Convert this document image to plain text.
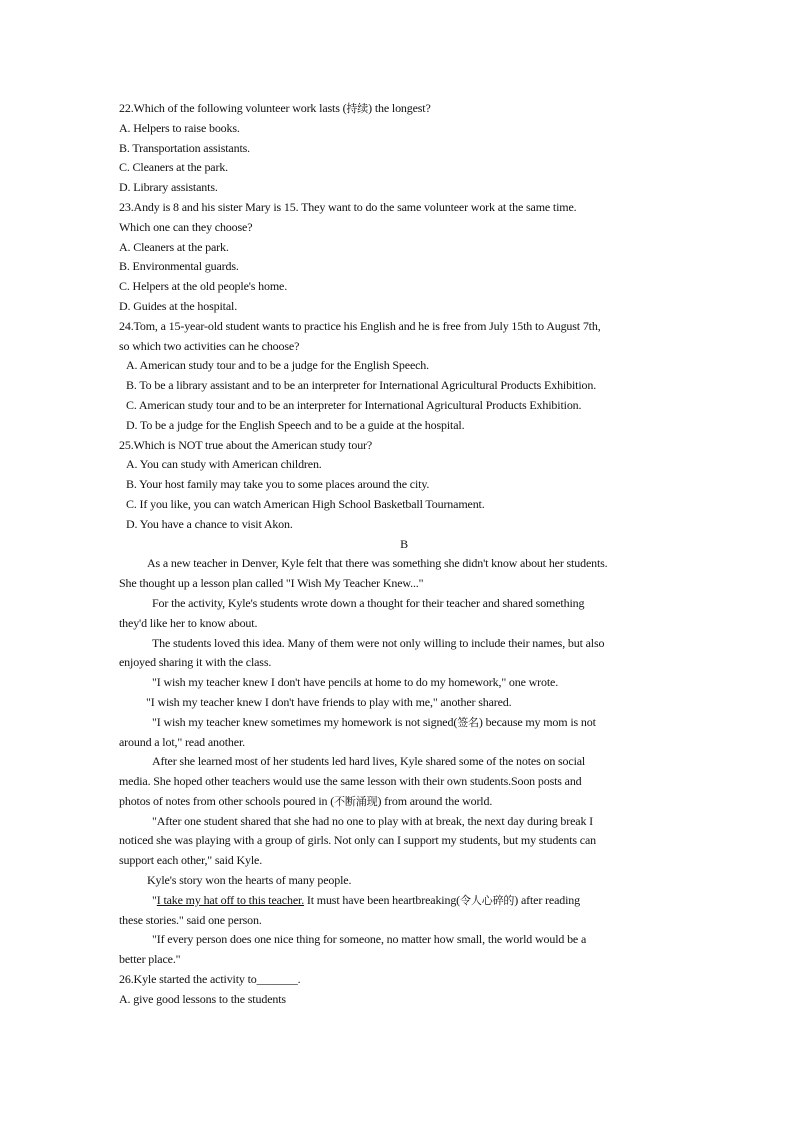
22.Which of the following volunteer work lasts (持续) the longest?
A. Helpers to raise books.
B. Transportation assistants.
C. Cleaners at the park.
D. Library assistants.
23.Andy is 8 and his sister Mary is 15. They want to do the same volunteer work at the same time.
Which one can they choose?
A. Cleaners at the park.
B. Environmental guards.
C. Helpers at the old people's home.
D. Guides at the hospital.
24.Tom, a 15-year-old student wants to practice his English and he is free from July 15th to August 7th,
so which two activities can he choose?
A. American study tour and to be a judge for the English Speech.
B. To be a library assistant and to be an interpreter for International Agricultural Products Exhibition.
C. American study tour and to be an interpreter for International Agricultural Products Exhibition.
D. To be a judge for the English Speech and to be a guide at the hospital.
25.Which is NOT true about the American study tour?
A. You can study with American children.
B. Your host family may take you to some places around the city.
C. If you like, you can watch American High School Basketball Tournament.
D. You have a chance to visit Akon.
B
As a new teacher in Denver, Kyle felt that there was something she didn't know about her students.
She thought up a lesson plan called "I Wish My Teacher Knew..."
For the activity, Kyle's students wrote down a thought for their teacher and shared something
they'd like her to know about.
The students loved this idea. Many of them were not only willing to include their names, but also
enjoyed sharing it with the class.
"I wish my teacher knew I don't have pencils at home to do my homework," one wrote.
"I wish my teacher knew I don't have friends to play with me," another shared.
"I wish my teacher knew sometimes my homework is not signed(签名) because my mom is not
around a lot," read another.
After she learned most of her students led hard lives, Kyle shared some of the notes on social
media. She hoped other teachers would use the same lesson with their own students.Soon posts and
photos of notes from other schools poured in (不断涌现) from around the world.
"After one student shared that she had no one to play with at break, the next day during break I
noticed she was playing with a group of girls. Not only can I support my students, but my students can
support each other," said Kyle.
Kyle's story won the hearts of many people.
"I take my hat off to this teacher. It must have been heartbreaking(令人心碎的) after reading
these stories." said one person.
"If every person does one nice thing for someone, no matter how small, the world would be a
better place."
26.Kyle started the activity to_______.
A. give good lessons to the students
